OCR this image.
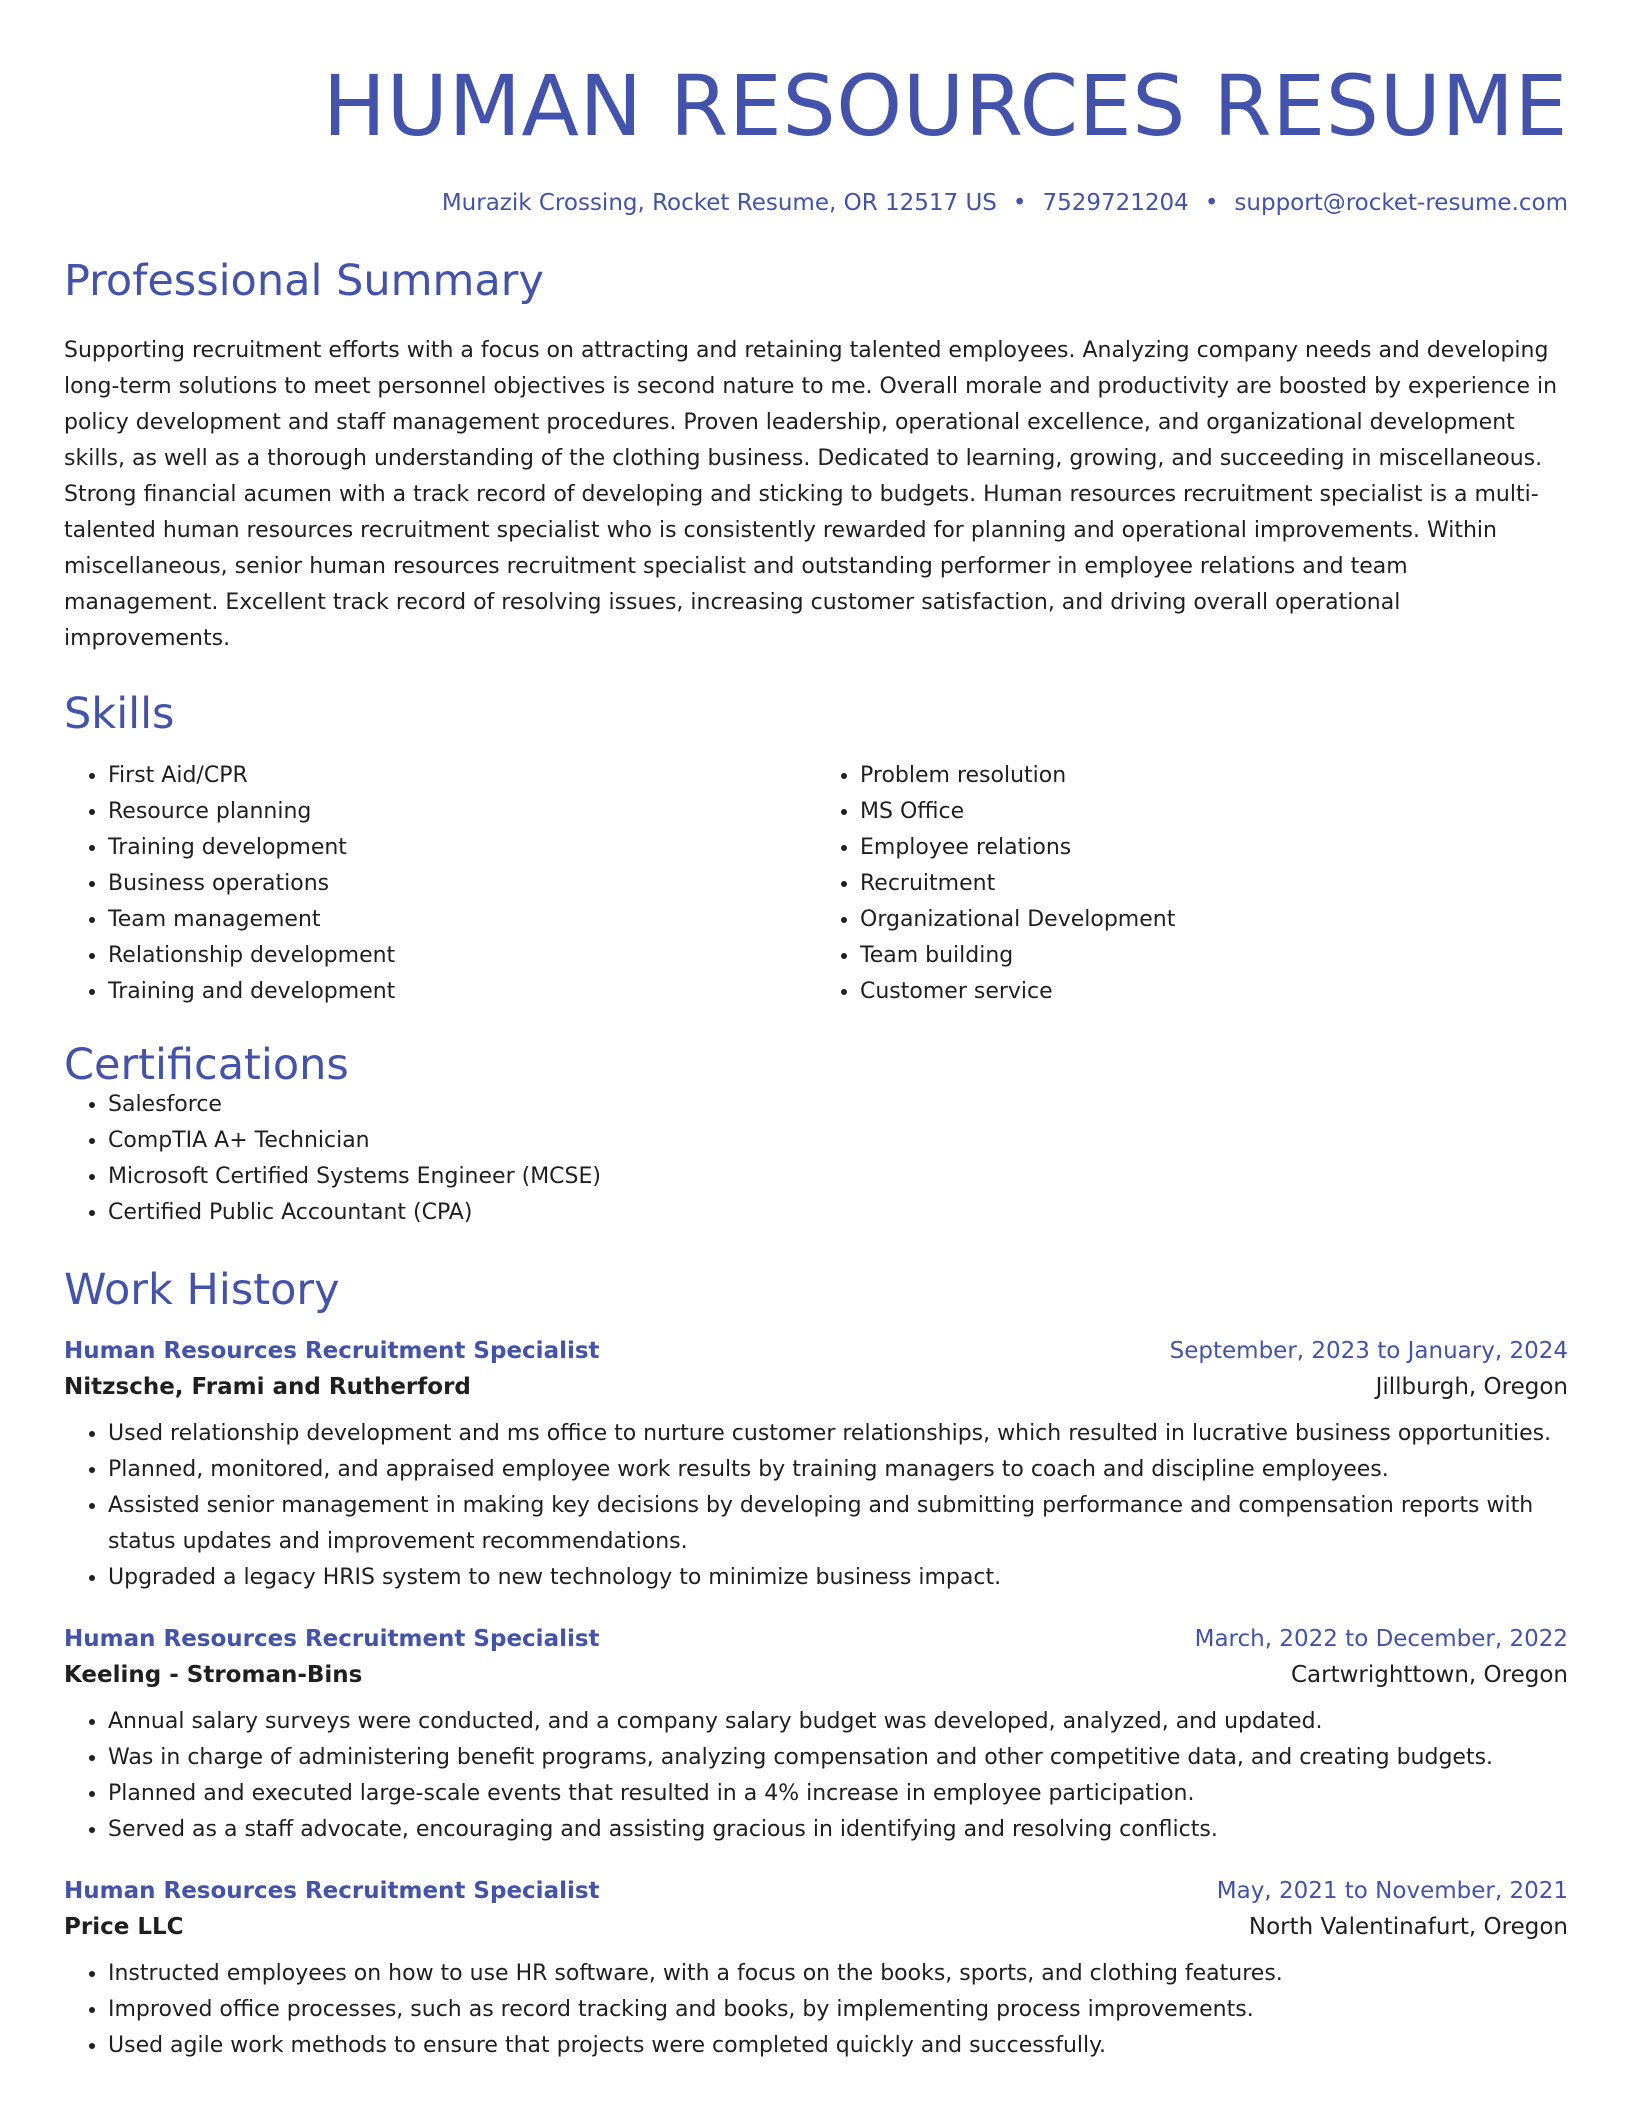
HUMAN RESOURCES RESUME
Murazik Crossing, Rocket Resume, OR 12517 US • 7529721204 • support@rocket-resume.com
Professional Summary

Supporting recruitment efforts with a focus on attracting and retaining talented employees. Analyzing company needs and developing long-term solutions to meet personnel objectives is second nature to me. Overall morale and productivity are boosted by experience in policy development and staff management procedures. Proven leadership, operational excellence, and organizational development skills, as well as a thorough understanding of the clothing business. Dedicated to learning, growing, and succeeding in miscellaneous. Strong financial acumen with a track record of developing and sticking to budgets. Human resources recruitment specialist is a multi-talented human resources recruitment specialist who is consistently rewarded for planning and operational improvements. Within miscellaneous, senior human resources recruitment specialist and outstanding performer in employee relations and team management. Excellent track record of resolving issues, increasing customer satisfaction, and driving overall operational improvements.

Skills
• First Aid/CPR
• Resource planning
• Training development
• Business operations
• Team management
• Relationship development
• Training and development
• Problem resolution
• MS Office
• Employee relations
• Recruitment
• Organizational Development
• Team building
• Customer service
Certifications
• Salesforce
• CompTIA A+ Technician
• Microsoft Certified Systems Engineer (MCSE)
• Certified Public Accountant (CPA)
Work History
Human Resources Recruitment Specialist	September, 2023 to January, 2024
Nitzsche, Frami and Rutherford	Jillburgh, Oregon
• Used relationship development and ms office to nurture customer relationships, which resulted in lucrative business opportunities.
• Planned, monitored, and appraised employee work results by training managers to coach and discipline employees.
• Assisted senior management in making key decisions by developing and submitting performance and compensation reports with status updates and improvement recommendations.
• Upgraded a legacy HRIS system to new technology to minimize business impact.
Human Resources Recruitment Specialist	March, 2022 to December, 2022
Keeling - Stroman-Bins	Cartwrighttown, Oregon
• Annual salary surveys were conducted, and a company salary budget was developed, analyzed, and updated.
• Was in charge of administering benefit programs, analyzing compensation and other competitive data, and creating budgets.
• Planned and executed large-scale events that resulted in a 4% increase in employee participation.
• Served as a staff advocate, encouraging and assisting gracious in identifying and resolving conflicts.
Human Resources Recruitment Specialist	May, 2021 to November, 2021
Price LLC	North Valentinafurt, Oregon
• Instructed employees on how to use HR software, with a focus on the books, sports, and clothing features.
• Improved office processes, such as record tracking and books, by implementing process improvements.
• Used agile work methods to ensure that projects were completed quickly and successfully.
